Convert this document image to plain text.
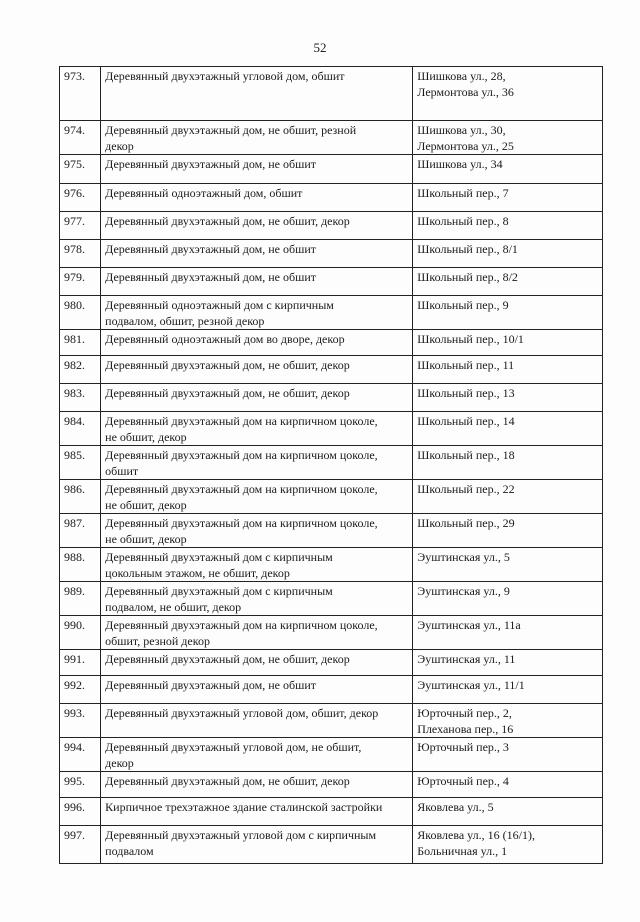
52
973.	Деревянный двухэтажный угловой дом, обшит	Шишкова ул., 28,
Лермонтова ул., 36

974.	Деревянный двухэтажный дом, не обшит, резной
декор	Шишкова ул., 30,
Лермонтова ул., 25

975.	Деревянный двухэтажный дом, не обшит	Шишкова ул., 34

976.	Деревянный одноэтажный дом, обшит	Школьный пер., 7

977.	Деревянный двухэтажный дом, не обшит, декор	Школьный пер., 8

978.	Деревянный двухэтажный дом, не обшит	Школьный пер., 8/1

979.	Деревянный двухэтажный дом, не обшит	Школьный пер., 8/2

980.	Деревянный одноэтажный дом с кирпичным
подвалом, обшит, резной декор	Школьный пер., 9

981.	Деревянный одноэтажный дом во дворе, декор	Школьный пер., 10/1

982.	Деревянный двухэтажный дом, не обшит, декор	Школьный пер., 11

983.	Деревянный двухэтажный дом, не обшит, декор	Школьный пер., 13

984.	Деревянный двухэтажный дом на кирпичном цоколе,
не обшит, декор	Школьный пер., 14

985.	Деревянный двухэтажный дом на кирпичном цоколе,
обшит	Школьный пер., 18

986.	Деревянный двухэтажный дом на кирпичном цоколе,
не обшит, декор	Школьный пер., 22

987.	Деревянный двухэтажный дом на кирпичном цоколе,
не обшит, декор	Школьный пер., 29

988.	Деревянный двухэтажный дом с кирпичным
цокольным этажом, не обшит, декор	Эуштинская ул., 5

989.	Деревянный двухэтажный дом с кирпичным
подвалом, не обшит, декор	Эуштинская ул., 9

990.	Деревянный двухэтажный дом на кирпичном цоколе,
обшит, резной декор	Эуштинская ул., 11а

991.	Деревянный двухэтажный дом, не обшит, декор	Эуштинская ул., 11

992.	Деревянный двухэтажный дом, не обшит	Эуштинская ул., 11/1

993.	Деревянный двухэтажный угловой дом, обшит, декор	Юрточный пер., 2,
Плеханова пер., 16

994.	Деревянный двухэтажный угловой дом, не обшит,
декор	Юрточный пер., 3

995.	Деревянный двухэтажный дом, не обшит, декор	Юрточный пер., 4

996.	Кирпичное трехэтажное здание сталинской застройки	Яковлева ул., 5

997.	Деревянный двухэтажный угловой дом с кирпичным
подвалом	Яковлева ул., 16 (16/1),
Больничная ул., 1
